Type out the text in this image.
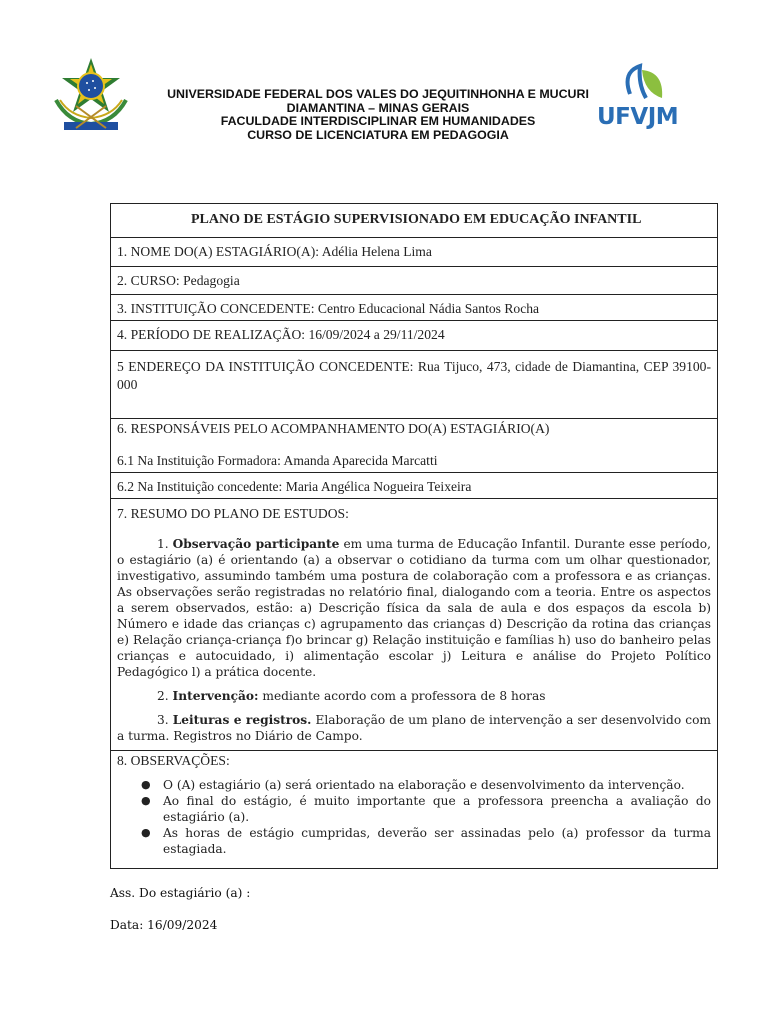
UNIVERSIDADE FEDERAL DOS VALES DO JEQUITINHONHA E MUCURI
DIAMANTINA – MINAS GERAIS
FACULDADE INTERDISCIPLINAR EM HUMANIDADES
CURSO DE LICENCIATURA EM PEDAGOGIA
UFVJM
PLANO DE ESTÁGIO SUPERVISIONADO EM EDUCAÇÃO INFANTIL
1. NOME DO(A) ESTAGIÁRIO(A): Adélia Helena Lima
2. CURSO: Pedagogia
3. INSTITUIÇÃO CONCEDENTE: Centro Educacional Nádia Santos Rocha
4. PERÍODO DE REALIZAÇÃO: 16/09/2024 a 29/11/2024
5 ENDEREÇO DA INSTITUIÇÃO CONCEDENTE: Rua Tijuco, 473, cidade de Diamantina, CEP 39100-000

6. RESPONSÁVEIS PELO ACOMPANHAMENTO DO(A) ESTAGIÁRIO(A)
6.1 Na Instituição Formadora: Amanda Aparecida Marcatti

6.2 Na Instituição concedente: Maria Angélica Nogueira Teixeira

7. RESUMO DO PLANO DE ESTUDOS:

1. Observação participante em uma turma de Educação Infantil. Durante esse período, o estagiário (a) é orientando (a) a observar o cotidiano da turma com um olhar questionador, investigativo, assumindo também uma postura de colaboração com a professora e as crianças. As observações serão registradas no relatório final, dialogando com a teoria. Entre os aspectos a serem observados, estão: a) Descrição física da sala de aula e dos espaços da escola b) Número e idade das crianças c) agrupamento das crianças d) Descrição da rotina das crianças e) Relação criança-criança f)o brincar g) Relação instituição e famílias h) uso do banheiro pelas crianças e autocuidado, i) alimentação escolar j) Leitura e análise do Projeto Político Pedagógico l) a prática docente.

2. Intervenção: mediante acordo com a professora de 8 horas

3. Leituras e registros. Elaboração de um plano de intervenção a ser desenvolvido com a turma. Registros no Diário de Campo.

8. OBSERVAÇÕES:
● O (A) estagiário (a) será orientado na elaboração e desenvolvimento da intervenção.
● Ao final do estágio, é muito importante que a professora preencha a avaliação do estagiário (a).
● As horas de estágio cumpridas, deverão ser assinadas pelo (a) professor da turma estagiada.
Ass. Do estagiário (a) :
Data: 16/09/2024
